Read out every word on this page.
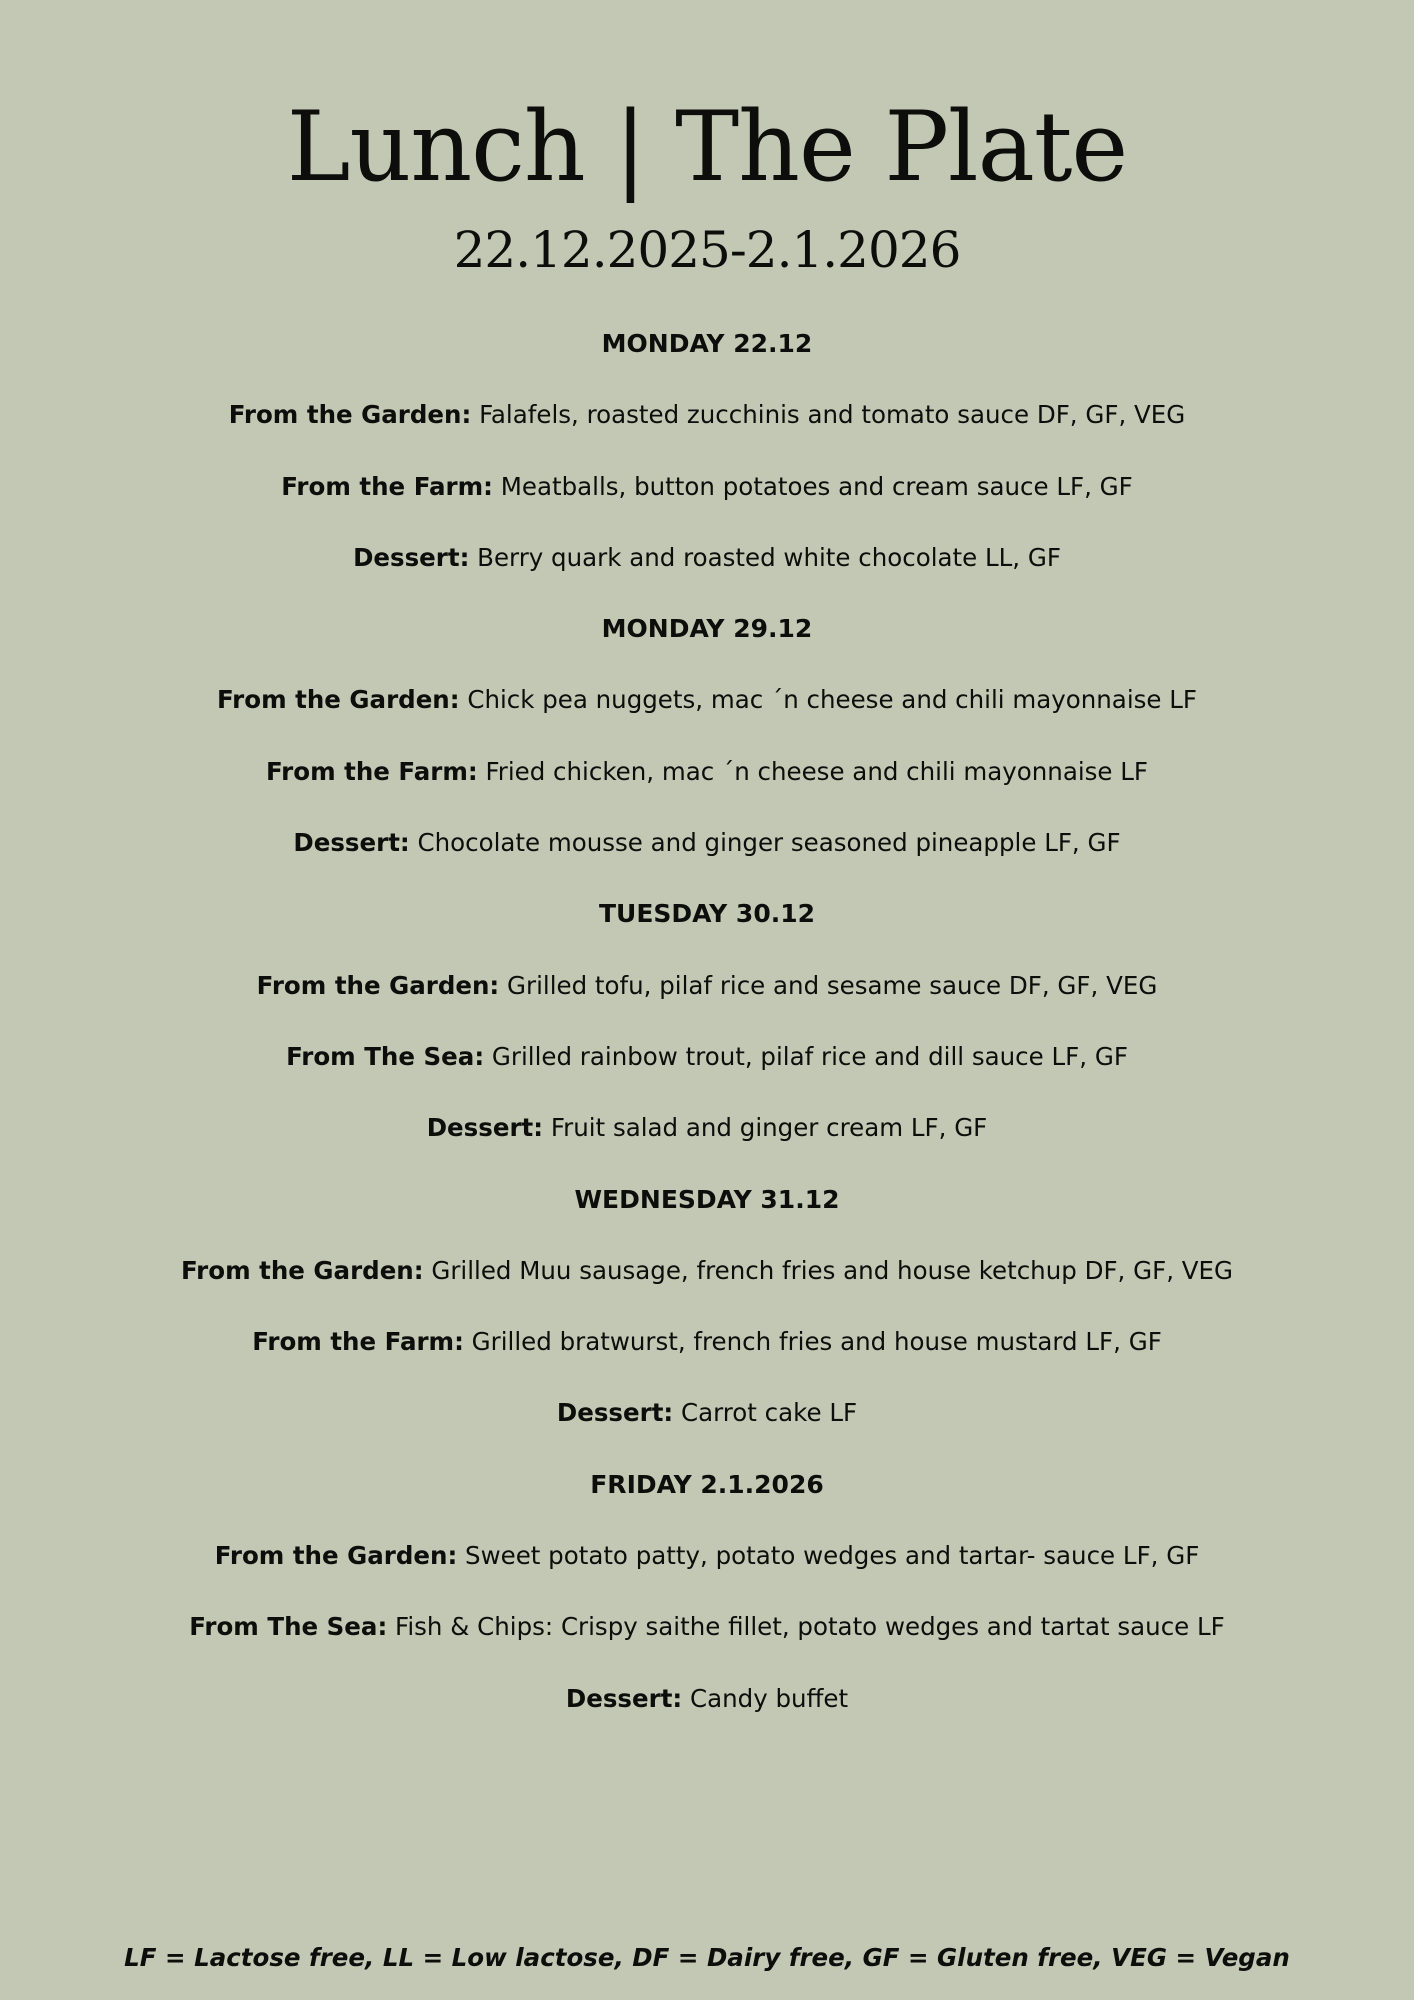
Lunch | The Plate
22.12.2025-2.1.2026
MONDAY 22.12
From the Garden: Falafels, roasted zucchinis and tomato sauce DF, GF, VEG
From the Farm: Meatballs, button potatoes and cream sauce LF, GF
Dessert: Berry quark and roasted white chocolate LL, GF
MONDAY 29.12
From the Garden: Chick pea nuggets, mac ´n cheese and chili mayonnaise LF
From the Farm: Fried chicken, mac ´n cheese and chili mayonnaise LF
Dessert: Chocolate mousse and ginger seasoned pineapple LF, GF
TUESDAY 30.12
From the Garden: Grilled tofu, pilaf rice and sesame sauce DF, GF, VEG
From The Sea: Grilled rainbow trout, pilaf rice and dill sauce LF, GF
Dessert: Fruit salad and ginger cream LF, GF
WEDNESDAY 31.12
From the Garden: Grilled Muu sausage, french fries and house ketchup DF, GF, VEG
From the Farm: Grilled bratwurst, french fries and house mustard LF, GF
Dessert: Carrot cake LF
FRIDAY 2.1.2026
From the Garden: Sweet potato patty, potato wedges and tartar- sauce LF, GF
From The Sea: Fish & Chips: Crispy saithe fillet, potato wedges and tartat sauce LF
Dessert: Candy buffet
LF = Lactose free, LL = Low lactose, DF = Dairy free, GF = Gluten free, VEG = Vegan
